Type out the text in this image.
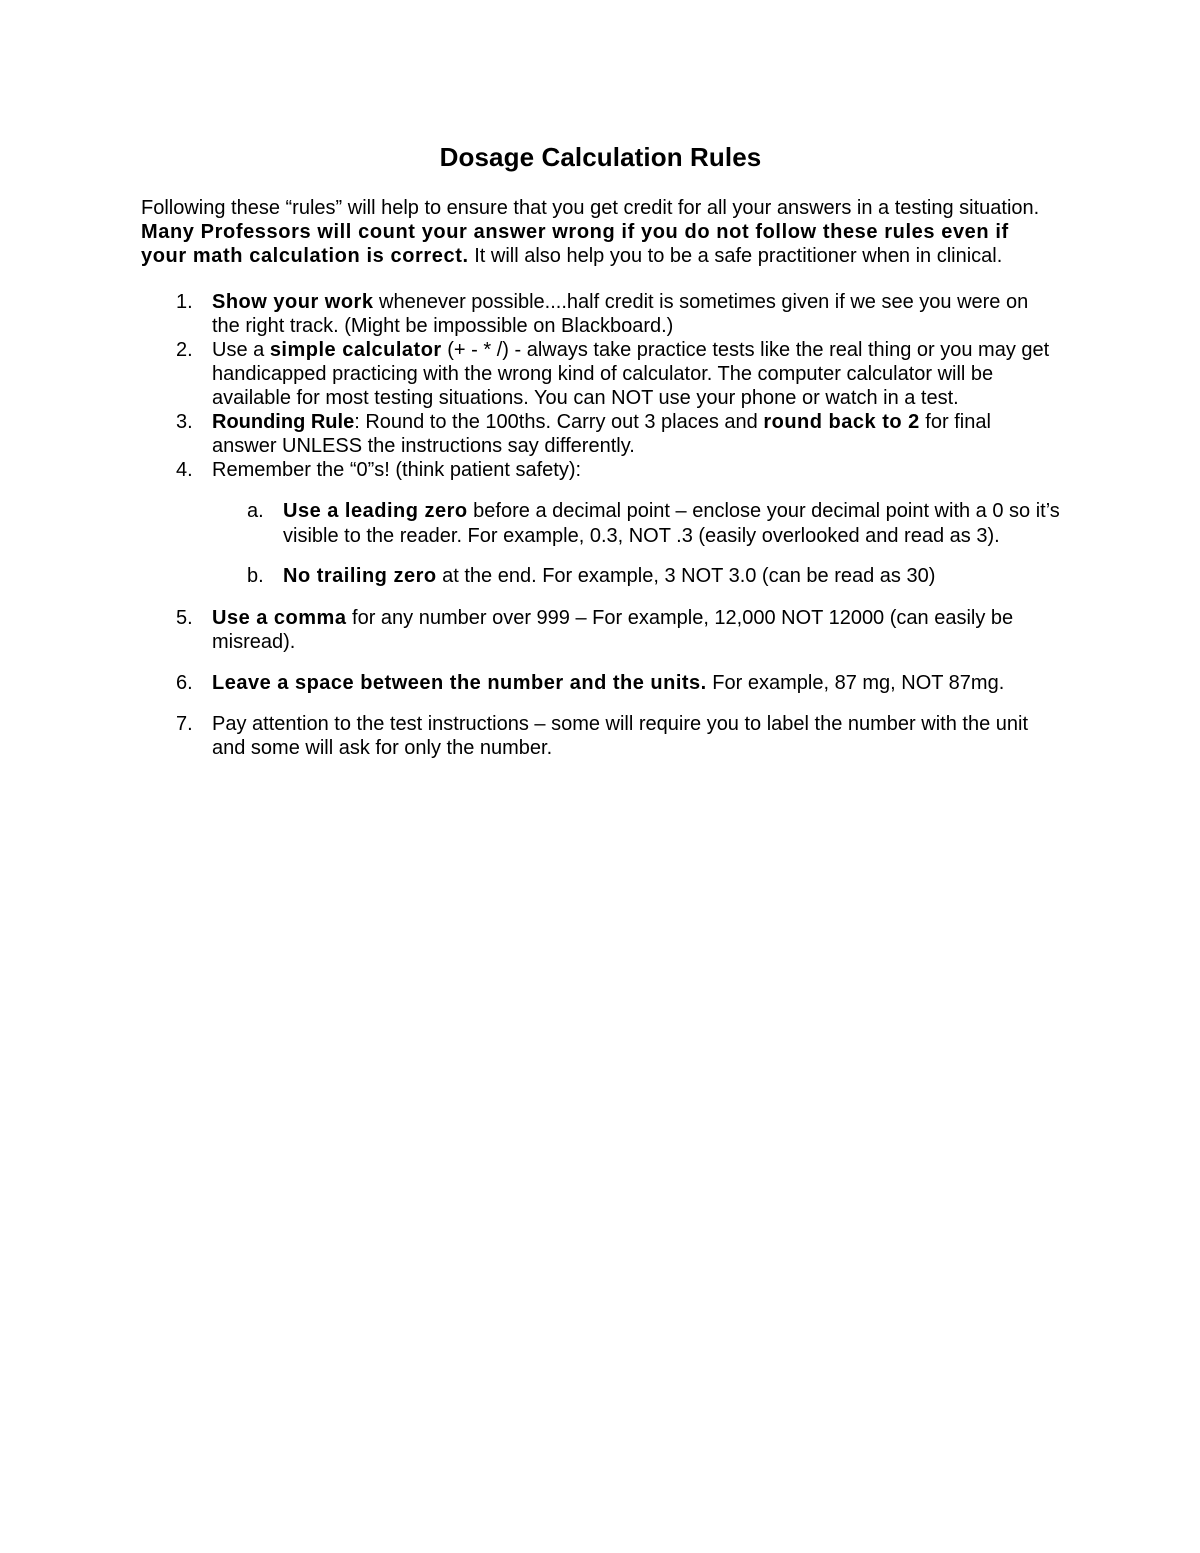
Dosage Calculation Rules

Following these “rules” will help to ensure that you get credit for all your answers in a testing situation. Many Professors will count your answer wrong if you do not follow these rules even if your math calculation is correct. It will also help you to be a safe practitioner when in clinical.

1. Show your work whenever possible....half credit is sometimes given if we see you were on the right track. (Might be impossible on Blackboard.)
2. Use a simple calculator (+ - * /) - always take practice tests like the real thing or you may get handicapped practicing with the wrong kind of calculator. The computer calculator will be available for most testing situations. You can NOT use your phone or watch in a test.
3. Rounding Rule: Round to the 100ths. Carry out 3 places and round back to 2 for final answer UNLESS the instructions say differently.
4. Remember the “0”s! (think patient safety):
a. Use a leading zero before a decimal point – enclose your decimal point with a 0 so it’s visible to the reader. For example, 0.3, NOT .3 (easily overlooked and read as 3).
b. No trailing zero at the end. For example, 3 NOT 3.0 (can be read as 30)
5. Use a comma for any number over 999 – For example, 12,000 NOT 12000 (can easily be misread).
6. Leave a space between the number and the units. For example, 87 mg, NOT 87mg.
7. Pay attention to the test instructions – some will require you to label the number with the unit and some will ask for only the number.
